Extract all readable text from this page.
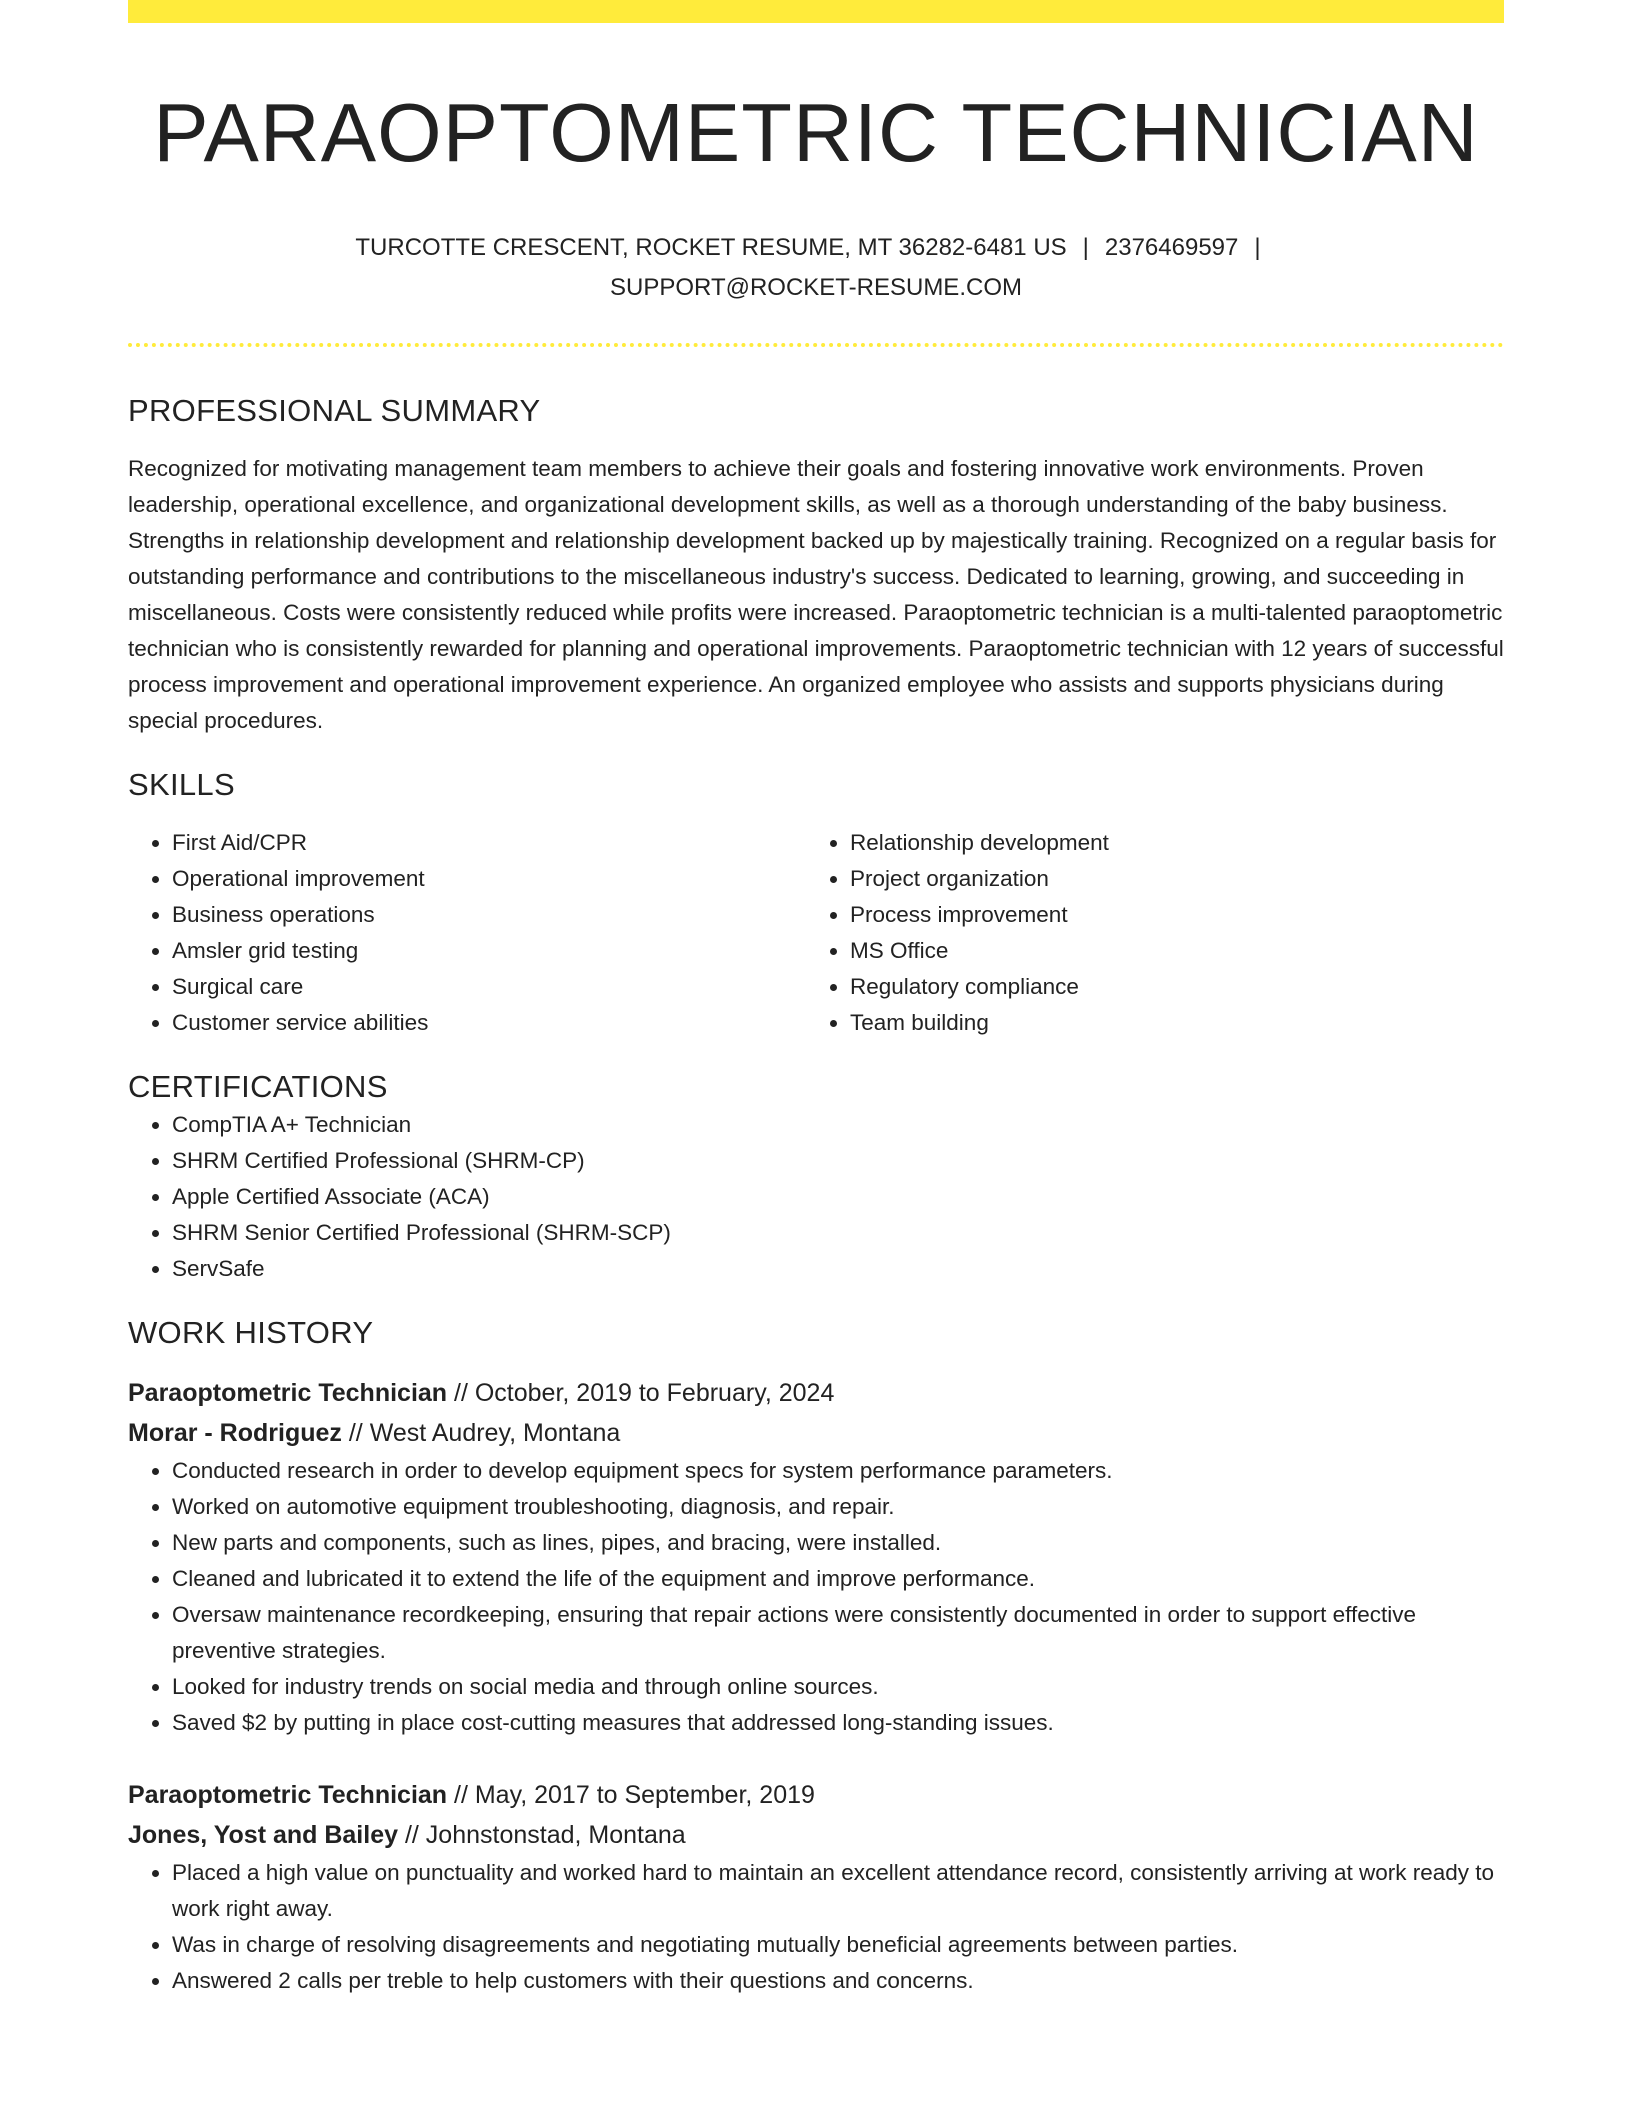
PARAOPTOMETRIC TECHNICIAN
TURCOTTE CRESCENT, ROCKET RESUME, MT 36282-6481 US | 2376469597 |
SUPPORT@ROCKET-RESUME.COM
PROFESSIONAL SUMMARY

Recognized for motivating management team members to achieve their goals and fostering innovative work environments. Proven leadership, operational excellence, and organizational development skills, as well as a thorough understanding of the baby business. Strengths in relationship development and relationship development backed up by majestically training. Recognized on a regular basis for outstanding performance and contributions to the miscellaneous industry's success. Dedicated to learning, growing, and succeeding in miscellaneous. Costs were consistently reduced while profits were increased. Paraoptometric technician is a multi-talented paraoptometric technician who is consistently rewarded for planning and operational improvements. Paraoptometric technician with 12 years of successful process improvement and operational improvement experience. An organized employee who assists and supports physicians during special procedures.

SKILLS
• First Aid/CPR
• Operational improvement
• Business operations
• Amsler grid testing
• Surgical care
• Customer service abilities
• Relationship development
• Project organization
• Process improvement
• MS Office
• Regulatory compliance
• Team building
CERTIFICATIONS
• CompTIA A+ Technician
• SHRM Certified Professional (SHRM-CP)
• Apple Certified Associate (ACA)
• SHRM Senior Certified Professional (SHRM-SCP)
• ServSafe
WORK HISTORY
Paraoptometric Technician // October, 2019 to February, 2024
Morar - Rodriguez // West Audrey, Montana
• Conducted research in order to develop equipment specs for system performance parameters.
• Worked on automotive equipment troubleshooting, diagnosis, and repair.
• New parts and components, such as lines, pipes, and bracing, were installed.
• Cleaned and lubricated it to extend the life of the equipment and improve performance.
• Oversaw maintenance recordkeeping, ensuring that repair actions were consistently documented in order to support effective preventive strategies.
• Looked for industry trends on social media and through online sources.
• Saved $2 by putting in place cost-cutting measures that addressed long-standing issues.
Paraoptometric Technician // May, 2017 to September, 2019
Jones, Yost and Bailey // Johnstonstad, Montana
• Placed a high value on punctuality and worked hard to maintain an excellent attendance record, consistently arriving at work ready to work right away.
• Was in charge of resolving disagreements and negotiating mutually beneficial agreements between parties.
• Answered 2 calls per treble to help customers with their questions and concerns.
